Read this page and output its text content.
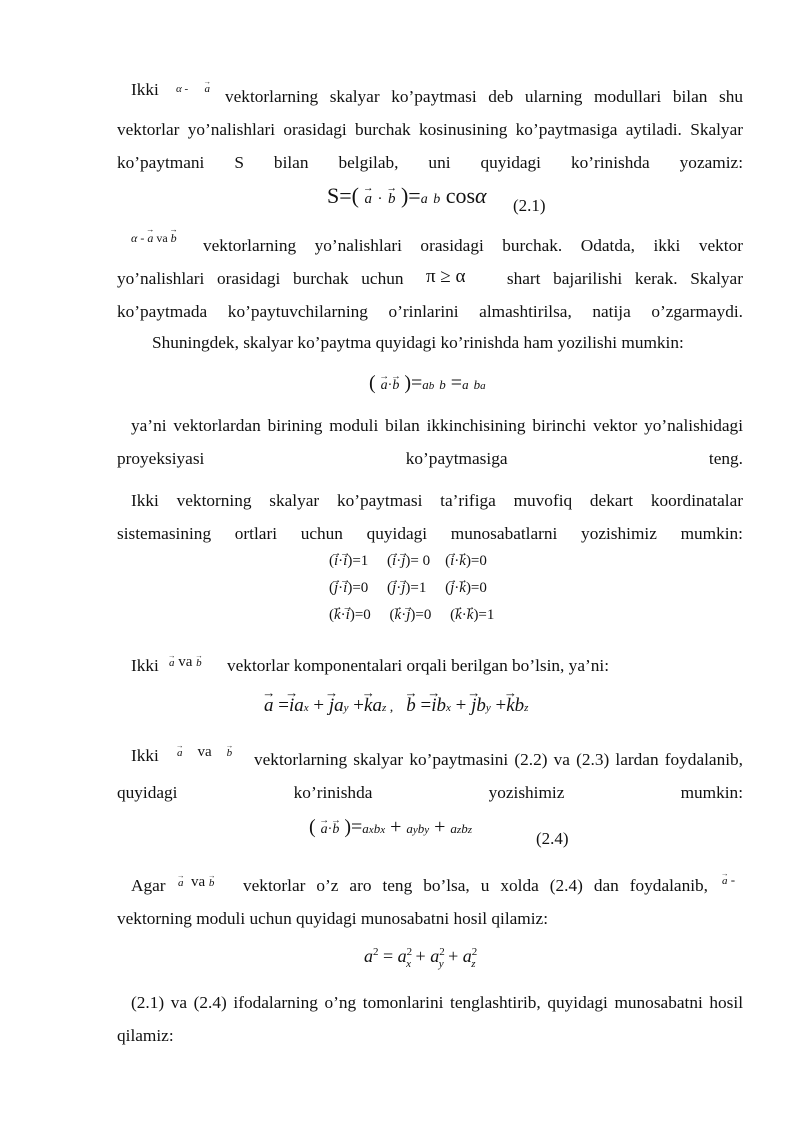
Ikki α - → a vektorlarning skalyar ko’paytmasi deb ularning modullari bilan shu vektorlar yo’nalishlari orasidagi burchak kosinusining ko’paytmasiga aytiladi. Skalyar ko’paytmani S bilan belgilab, uni quyidagi ko’rinishda yozamiz:
S=( → a · → b )=a b cosα (2.1)
α - → a va → b	vektorlarning yo’nalishlari orasidagi burchak. Odatda, ikki vektor yo’nalishlari orasidagi burchak uchun	shart bajarilishi kerak. Skalyar ko’paytmada ko’paytuvchilarning o’rinlarini almashtirilsa, natija o’zgarmaydi.
π ≥ α
Shuningdek, skalyar ko’paytma quyidagi ko’rinishda ham yozilishi mumkin:
( → a·→ b )=ab b =a ba
ya’ni vektorlardan birining moduli bilan ikkinchisining birinchi vektor yo’nalishidagi proyeksiyasi ko’paytmasiga teng.
Ikki vektorning skalyar ko’paytmasi ta’rifiga muvofiq dekart koordinatalar sistemasining ortlari uchun quyidagi munosabatlarni yozishimiz mumkin:
(→ i·→ i)=1     (→ i·→ j)= 0    (→ i·→ k)=0
(→ j·→ i)=0     (→ j·→ j)=1     (→ j·→ k)=0
(→ k·→ i)=0     (→ k·→ j)=0     (→ k·→ k)=1
Ikki → a va → b vektorlar komponentalari orqali berilgan bo’lsin, ya’ni:
→ a =→ iax + → jay +→ kaz ,   → b =→ ibx + → jby +→ kbz
Ikki → a va → b	vektorlarning skalyar ko’paytmasini (2.2) va (2.3) lardan foydalanib, quyidagi ko’rinishda yozishimiz mumkin:
( → a·→ b )=axbx + ayby + azbz	(2.4)
Agar → a va → b vektorlar o’z aro teng bo’lsa, u xolda (2.4) dan foydalanib, → a -
vektorning moduli uchun quyidagi munosabatni hosil qilamiz:
$a^2 = a^2_x + a^2_y + a^2_z$
(2.1) va (2.4) ifodalarning o’ng tomonlarini tenglashtirib, quyidagi munosabatni hosil qilamiz:
